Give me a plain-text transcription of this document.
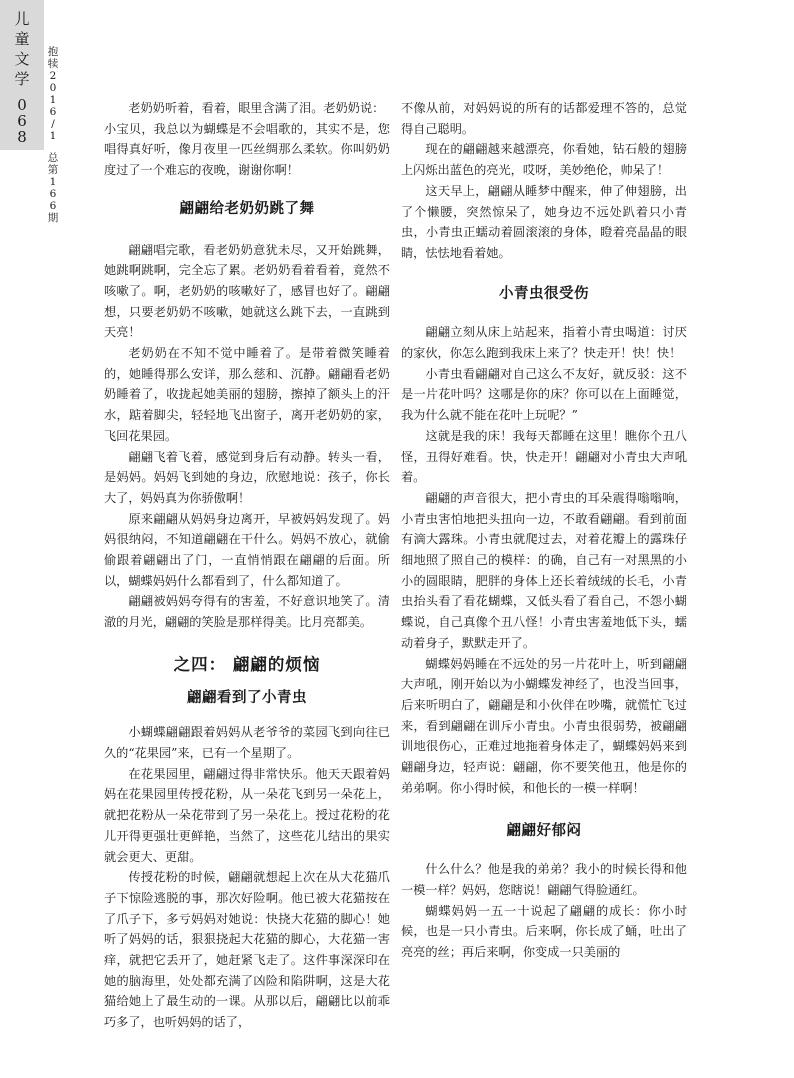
儿
童
文
学
0
6
8
抱
犊
2
0
1
6
/
1
总
第
1
6
6
期

老奶奶听着，看着，眼里含满了泪。老奶奶说：

小宝贝，我总以为蝴蝶是不会唱歌的，其实不是，您唱得真好听，像月夜里一匹丝绸那么柔软。你叫奶奶度过了一个难忘的夜晚，谢谢你啊！

翩翩给老奶奶跳了舞

翩翩唱完歌，看老奶奶意犹未尽，又开始跳舞，她跳啊跳啊，完全忘了累。老奶奶看着看着，竟然不咳嗽了。啊，老奶奶的咳嗽好了，感冒也好了。翩翩想，只要老奶奶不咳嗽，她就这么跳下去，一直跳到天亮！

老奶奶在不知不觉中睡着了。是带着微笑睡着的，她睡得那么安详，那么慈和、沉静。翩翩看老奶奶睡着了，收拢起她美丽的翅膀，擦掉了额头上的汗水，踮着脚尖，轻轻地飞出窗子，离开老奶奶的家，飞回花果园。

翩翩飞着飞着，感觉到身后有动静。转头一看，是妈妈。妈妈飞到她的身边，欣慰地说：孩子，你长大了，妈妈真为你骄傲啊！

原来翩翩从妈妈身边离开，早被妈妈发现了。妈妈很纳闷，不知道翩翩在干什么。妈妈不放心，就偷偷跟着翩翩出了门，一直悄悄跟在翩翩的后面。所以，蝴蝶妈妈什么都看到了，什么都知道了。

翩翩被妈妈夸得有的害羞，不好意识地笑了。清澈的月光，翩翩的笑脸是那样得美。比月亮都美。

之四： 翩翩的烦恼
翩翩看到了小青虫

小蝴蝶翩翩跟着妈妈从老爷爷的菜园飞到向往已久的“花果园”来，已有一个星期了。

在花果园里，翩翩过得非常快乐。他天天跟着妈妈在花果园里传授花粉，从一朵花飞到另一朵花上，就把花粉从一朵花带到了另一朵花上。授过花粉的花儿开得更强壮更鲜艳，当然了，这些花儿结出的果实就会更大、更甜。

传授花粉的时候，翩翩就想起上次在从大花猫爪子下惊险逃脱的事，那次好险啊。他已被大花猫按在了爪子下，多亏妈妈对她说：快挠大花猫的脚心！她听了妈妈的话，狠狠挠起大花猫的脚心，大花猫一害痒，就把它丢开了，她赶紧飞走了。这件事深深印在她的脑海里，处处都充满了凶险和陷阱啊，这是大花猫给她上了最生动的一课。从那以后，翩翩比以前乖巧多了，也听妈妈的话了，

不像从前，对妈妈说的所有的话都爱理不答的，总觉得自己聪明。

现在的翩翩越来越漂亮，你看她，钻石般的翅膀上闪烁出蓝色的亮光，哎呀，美妙绝伦，帅呆了！

这天早上，翩翩从睡梦中醒来，伸了伸翅膀，出了个懒腰，突然惊呆了，她身边不远处趴着只小青虫，小青虫正蠕动着圆滚滚的身体，瞪着亮晶晶的眼睛，怯怯地看着她。

小青虫很受伤

翩翩立刻从床上站起来，指着小青虫喝道：讨厌的家伙，你怎么跑到我床上来了？快走开！快！快！

小青虫看翩翩对自己这么不友好，就反驳：这不是一片花叶吗？这哪是你的床？你可以在上面睡觉，我为什么就不能在花叶上玩呢？”

这就是我的床！我每天都睡在这里！瞧你个丑八怪，丑得好难看。快，快走开！翩翩对小青虫大声吼着。

翩翩的声音很大，把小青虫的耳朵震得嗡嗡响，小青虫害怕地把头扭向一边，不敢看翩翩。看到前面有滴大露珠。小青虫就爬过去，对着花瓣上的露珠仔细地照了照自己的模样：的确，自己有一对黑黑的小小的圆眼睛，肥胖的身体上还长着绒绒的长毛，小青虫抬头看了看花蝴蝶，又低头看了看自己，不怨小蝴蝶说，自己真像个丑八怪！小青虫害羞地低下头，蠕动着身子，默默走开了。

蝴蝶妈妈睡在不远处的另一片花叶上，听到翩翩大声吼，刚开始以为小蝴蝶发神经了，也没当回事，后来听明白了，翩翩是和小伙伴在吵嘴，就慌忙飞过来，看到翩翩在训斥小青虫。小青虫很弱势，被翩翩训地很伤心，正难过地拖着身体走了，蝴蝶妈妈来到翩翩身边，轻声说：翩翩，你不要笑他丑，他是你的弟弟啊。你小得时候，和他长的一模一样啊！

翩翩好郁闷

什么什么？他是我的弟弟？我小的时候长得和他一模一样？妈妈，您瞎说！翩翩气得脸通红。

蝴蝶妈妈一五一十说起了翩翩的成长：你小时候，也是一只小青虫。后来啊，你长成了蛹，吐出了亮亮的丝；再后来啊，你变成一只美丽的
